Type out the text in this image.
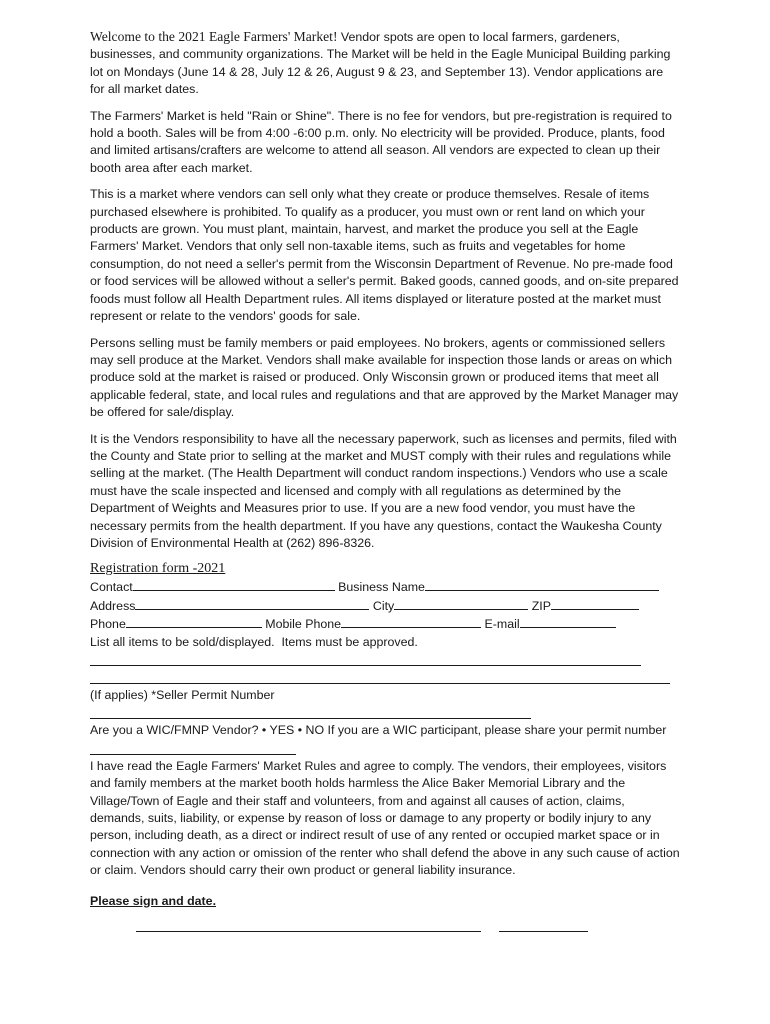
Welcome to the 2021 Eagle Farmers' Market! Vendor spots are open to local farmers, gardeners, businesses, and community organizations. The Market will be held in the Eagle Municipal Building parking lot on Mondays (June 14 & 28, July 12 & 26, August 9 & 23, and September 13). Vendor applications are for all market dates.

The Farmers' Market is held "Rain or Shine". There is no fee for vendors, but pre-registration is required to hold a booth. Sales will be from 4:00 -6:00 p.m. only. No electricity will be provided. Produce, plants, food and limited artisans/crafters are welcome to attend all season. All vendors are expected to clean up their booth area after each market.

This is a market where vendors can sell only what they create or produce themselves. Resale of items purchased elsewhere is prohibited. To qualify as a producer, you must own or rent land on which your products are grown. You must plant, maintain, harvest, and market the produce you sell at the Eagle Farmers' Market. Vendors that only sell non-taxable items, such as fruits and vegetables for home consumption, do not need a seller's permit from the Wisconsin Department of Revenue. No pre-made food or food services will be allowed without a seller's permit. Baked goods, canned goods, and on-site prepared foods must follow all Health Department rules. All items displayed or literature posted at the market must represent or relate to the vendors' goods for sale.

Persons selling must be family members or paid employees. No brokers, agents or commissioned sellers may sell produce at the Market. Vendors shall make available for inspection those lands or areas on which produce sold at the market is raised or produced. Only Wisconsin grown or produced items that meet all applicable federal, state, and local rules and regulations and that are approved by the Market Manager may be offered for sale/display.

It is the Vendors responsibility to have all the necessary paperwork, such as licenses and permits, filed with the County and State prior to selling at the market and MUST comply with their rules and regulations while selling at the market. (The Health Department will conduct random inspections.) Vendors who use a scale must have the scale inspected and licensed and comply with all regulations as determined by the Department of Weights and Measures prior to use. If you are a new food vendor, you must have the necessary permits from the health department. If you have any questions, contact the Waukesha County Division of Environmental Health at (262) 896-8326.

Registration form -2021
Contact	Business Name
Address	City	ZIP
Phone	Mobile Phone	E-mail
List all items to be sold/displayed.  Items must be approved.
(If applies) *Seller Permit Number
Are you a WIC/FMNP Vendor? • YES • NO If you are a WIC participant, please share your permit number

I have read the Eagle Farmers' Market Rules and agree to comply. The vendors, their employees, visitors and family members at the market booth holds harmless the Alice Baker Memorial Library and the Village/Town of Eagle and their staff and volunteers, from and against all causes of action, claims, demands, suits, liability, or expense by reason of loss or damage to any property or bodily injury to any person, including death, as a direct or indirect result of use of any rented or occupied market space or in connection with any action or omission of the renter who shall defend the above in any such cause of action or claim. Vendors should carry their own product or general liability insurance.

Please sign and date.
